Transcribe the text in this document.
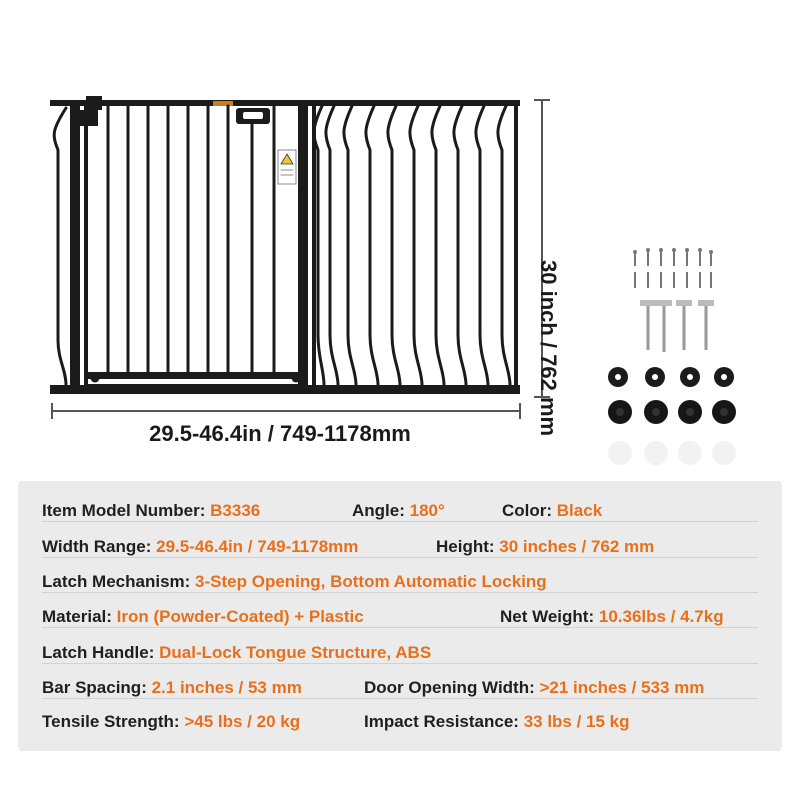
29.5-46.4in / 749-1178mm	30 inch / 762 mm
Item Model Number: B3336	Angle: 180°	Color: Black
Width Range: 29.5-46.4in / 749-1178mm	Height: 30 inches / 762 mm
Latch Mechanism: 3-Step Opening, Bottom Automatic Locking
Material: Iron (Powder-Coated) + Plastic	Net Weight: 10.36lbs / 4.7kg
Latch Handle: Dual-Lock Tongue Structure, ABS
Bar Spacing: 2.1 inches / 53 mm	Door Opening Width: >21 inches / 533 mm
Tensile Strength: >45 lbs / 20 kg	Impact Resistance: 33 lbs / 15 kg
